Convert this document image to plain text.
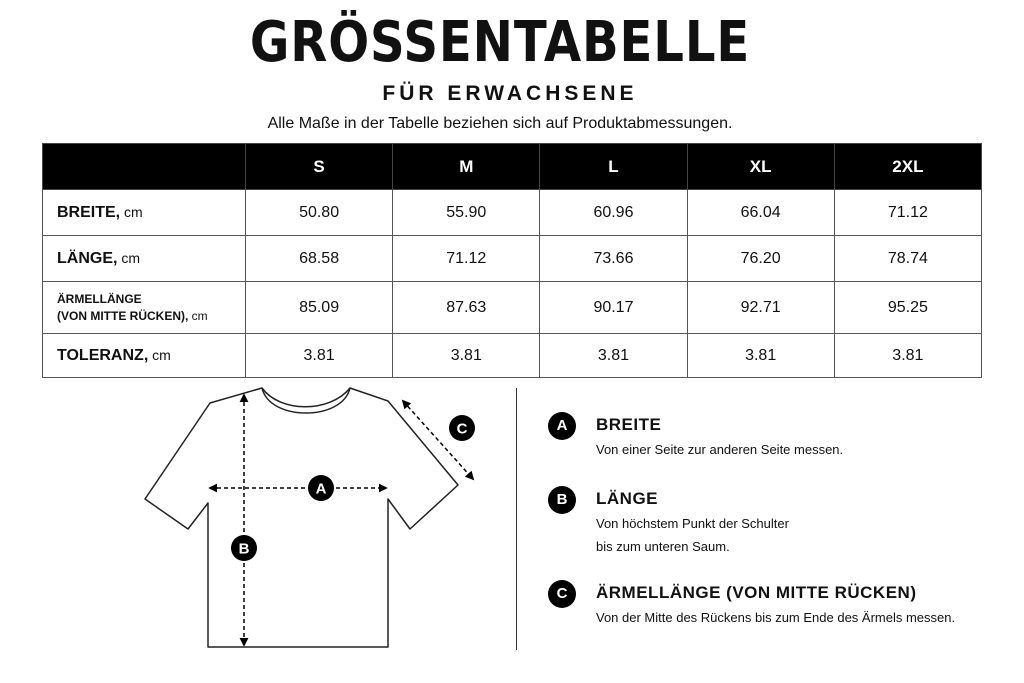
GRÖSSENTABELLE
FÜR ERWACHSENE
Alle Maße in der Tabelle beziehen sich auf Produktabmessungen.
	S	M	L	XL	2XL
BREITE, cm	50.80	55.90	60.96	66.04	71.12
LÄNGE, cm	68.58	71.12	73.66	76.20	78.74

ÄRMELLÄNGE
(VON MITTE RÜCKEN), cm	85.09	87.63	90.17	92.71	95.25
TOLERANZ, cm	3.81	3.81	3.81	3.81	3.81
A
B
C	A	BREITE
Von einer Seite zur anderen Seite messen.
B	LÄNGE
Von höchstem Punkt der Schulter
bis zum unteren Saum.
C	ÄRMELLÄNGE (VON MITTE RÜCKEN)
Von der Mitte des Rückens bis zum Ende des Ärmels messen.
